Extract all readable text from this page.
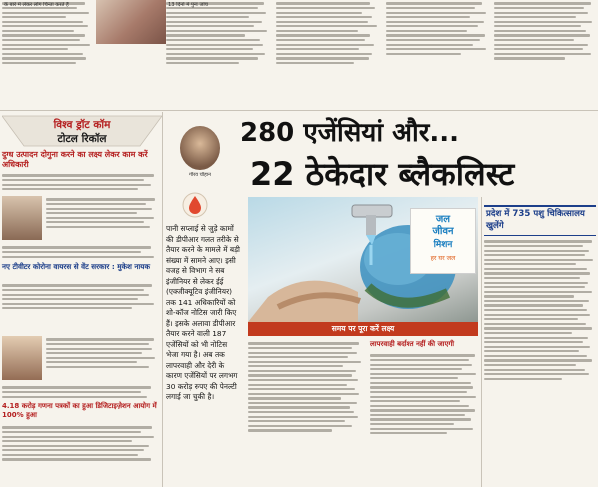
के बारे में लेकर लोग चिन्ता करते हैं	13 दिनों में पुनः जांच
विश्व ड्रॉट कॉम
टोटल रिकॉल
दुग्ध उत्पादन दोगुना करने का लक्ष्य लेकर काम करें अधिकारी
नए टीवीटर कोरोना वायरस से वेंट सरकार : मुकेश नायक
4.18 करोड़ गणना पत्रकों का हुआ डिजिटाइज़ेशन आयोग में 100% हुआ
गौरव चौहान
280 एजेंसियां और...
22 ठेकेदार ब्लैकलिस्ट
पानी सप्लाई से जुड़े कामों की डीपीआर गलत तरीके से तैयार करने के मामले में बड़ी संख्या में सामने आए। इसी वजह से विभाग ने सब इंजीनियर से लेकर ईई (एक्जीक्यूटिव इंजीनियर) तक 141 अधिकारियों को शो-कॉज नोटिस जारी किए हैं। इसके अलावा डीपीआर तैयार करने वाली 187 एजेंसियों को भी नोटिस भेजा गया है। अब तक लापरवाही और देरी के कारण एजेंसियों पर लगभग 30 करोड़ रुपए की पेनल्टी लगाई जा चुकी है।
समय पर पूरा करें लक्ष्य
जल
जीवन
मिशन
हर घर जल
लापरवाही बर्दाश्त नहीं की जाएगी
प्रदेश में 735 पशु चिकित्सालय खुलेंगे
